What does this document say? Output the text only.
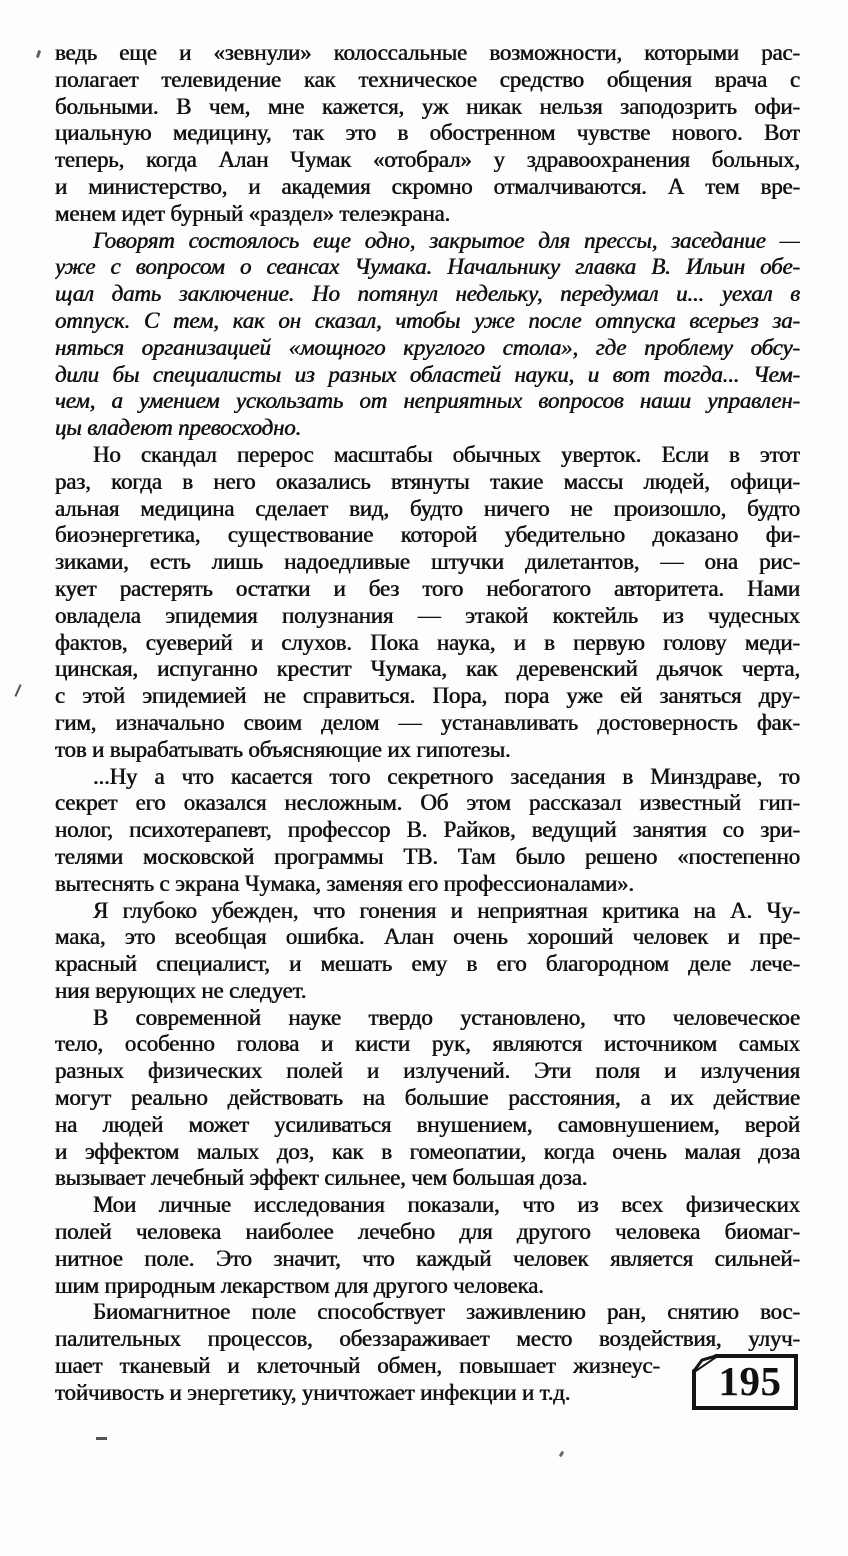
ведь еще и «зевнули» колоссальные возможности, которыми рас-
полагает телевидение как техническое средство общения врача с
больными. В чем, мне кажется, уж никак нельзя заподозрить офи-
циальную медицину, так это в обостренном чувстве нового. Вот
теперь, когда Алан Чумак «отобрал» у здравоохранения больных,
и министерство, и академия скромно отмалчиваются. А тем вре-
менем идет бурный «раздел» телеэкрана.
Говорят состоялось еще одно, закрытое для прессы, заседание —
уже с вопросом о сеансах Чумака. Начальнику главка В. Ильин обе-
щал дать заключение. Но потянул недельку, передумал и... уехал в
отпуск. С тем, как он сказал, чтобы уже после отпуска всерьез за-
няться организацией «мощного круглого стола», где проблему обсу-
дили бы специалисты из разных областей науки, и вот тогда... Чем-
чем, а умением ускользать от неприятных вопросов наши управлен-
цы владеют превосходно.
Но скандал перерос масштабы обычных уверток. Если в этот
раз, когда в него оказались втянуты такие массы людей, офици-
альная медицина сделает вид, будто ничего не произошло, будто
биоэнергетика, существование которой убедительно доказано фи-
зиками, есть лишь надоедливые штучки дилетантов, — она рис-
кует растерять остатки и без того небогатого авторитета. Нами
овладела эпидемия полузнания — этакой коктейль из чудесных
фактов, суеверий и слухов. Пока наука, и в первую голову меди-
цинская, испуганно крестит Чумака, как деревенский дьячок черта,
с этой эпидемией не справиться. Пора, пора уже ей заняться дру-
гим, изначально своим делом — устанавливать достоверность фак-
тов и вырабатывать объясняющие их гипотезы.
...Ну а что касается того секретного заседания в Минздраве, то
секрет его оказался несложным. Об этом рассказал известный гип-
нолог, психотерапевт, профессор В. Райков, ведущий занятия со зри-
телями московской программы ТВ. Там было решено «постепенно
вытеснять с экрана Чумака, заменяя его профессионалами».
Я глубоко убежден, что гонения и неприятная критика на А. Чу-
мака, это всеобщая ошибка. Алан очень хороший человек и пре-
красный специалист, и мешать ему в его благородном деле лече-
ния верующих не следует.
В современной науке твердо установлено, что человеческое
тело, особенно голова и кисти рук, являются источником самых
разных физических полей и излучений. Эти поля и излучения
могут реально действовать на большие расстояния, а их действие
на людей может усиливаться внушением, самовнушением, верой
и эффектом малых доз, как в гомеопатии, когда очень малая доза
вызывает лечебный эффект сильнее, чем большая доза.
Мои личные исследования показали, что из всех физических
полей человека наиболее лечебно для другого человека биомаг-
нитное поле. Это значит, что каждый человек является сильней-
шим природным лекарством для другого человека.
Биомагнитное поле способствует заживлению ран, снятию вос-
палительных процессов, обеззараживает место воздействия, улуч-
шает тканевый и клеточный обмен, повышает жизнеус-
тойчивость и энергетику, уничтожает инфекции и т.д.	195
